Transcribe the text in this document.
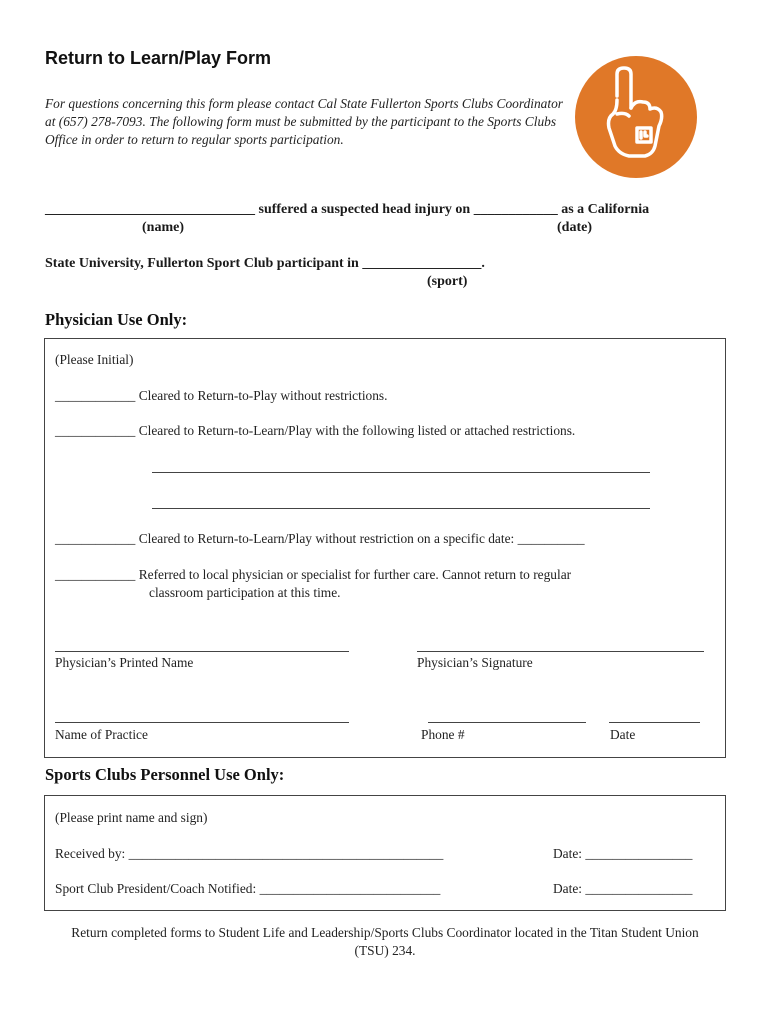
Return to Learn/Play Form
For questions concerning this form please contact Cal State Fullerton Sports Clubs Coordinator at (657) 278-7093. The following form must be submitted by the participant to the Sports Clubs Office in order to return to regular sports participation.
______________________________ suffered a suspected head injury on ____________ as a California
(name)	(date)
State University, Fullerton Sport Club participant in _________________.
(sport)
Physician Use Only:
(Please Initial)
____________ Cleared to Return-to-Play without restrictions.
____________ Cleared to Return-to-Learn/Play with the following listed or attached restrictions.
____________ Cleared to Return-to-Learn/Play without restriction on a specific date: __________
____________ Referred to local physician or specialist for further care. Cannot return to regular
classroom participation at this time.
Physician’s Printed Name	Physician’s Signature
Name of Practice	Phone #	Date
Sports Clubs Personnel Use Only:
(Please print name and sign)
Received by: _______________________________________________	Date: ________________
Sport Club President/Coach Notified: ___________________________	Date: ________________
Return completed forms to Student Life and Leadership/Sports Clubs Coordinator located in the Titan Student Union (TSU) 234.
